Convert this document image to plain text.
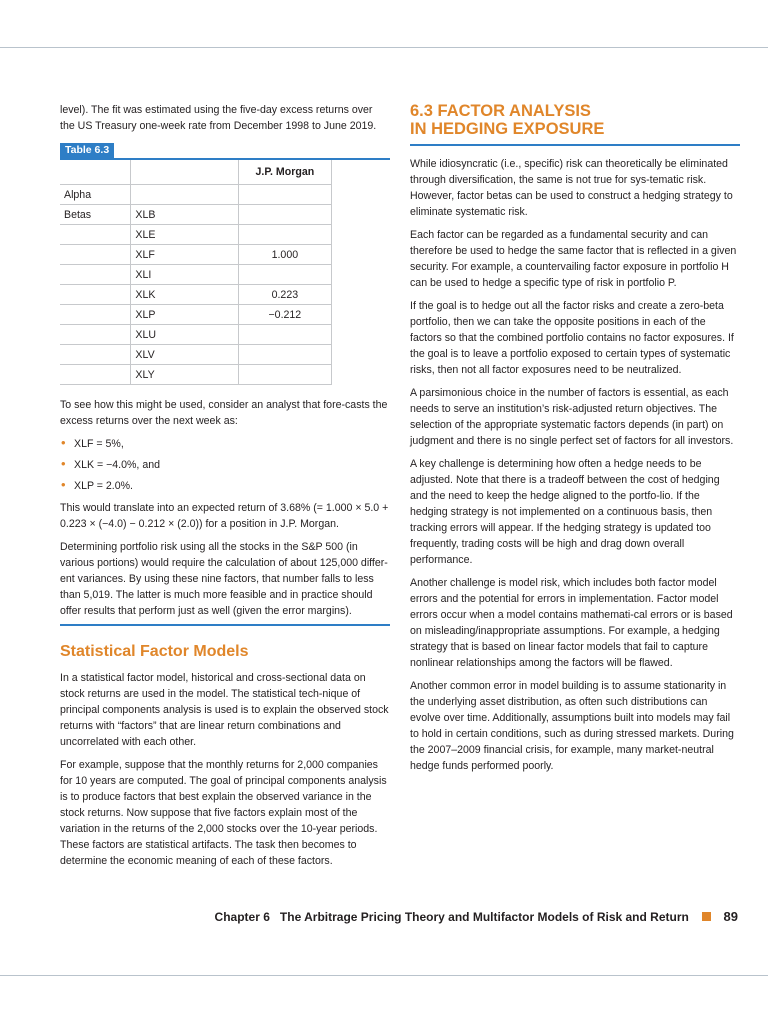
level). The fit was estimated using the five-day excess returns over the US Treasury one-week rate from December 1998 to June 2019.

Table 6.3
		J.P. Morgan
Alpha		
Betas	XLB	
	XLE	
	XLF	1.000
	XLI	
	XLK	0.223
	XLP	−0.212
	XLU	
	XLV	
	XLY	

To see how this might be used, consider an analyst that fore-casts the excess returns over the next week as:

• XLF = 5%,
• XLK = −4.0%, and
• XLP = 2.0%.

This would translate into an expected return of 3.68% (= 1.000 × 5.0 + 0.223 × (−4.0) − 0.212 × (2.0)) for a position in J.P. Morgan.

Determining portfolio risk using all the stocks in the S&P 500 (in various portions) would require the calculation of about 125,000 differ-ent variances. By using these nine factors, that number falls to less than 5,019. The latter is much more feasible and in practice should offer results that perform just as well (given the error margins).

Statistical Factor Models

In a statistical factor model, historical and cross-sectional data on stock returns are used in the model. The statistical tech-nique of principal components analysis is used is to explain the observed stock returns with “factors” that are linear return combinations and uncorrelated with each other.

For example, suppose that the monthly returns for 2,000 companies for 10 years are computed. The goal of principal components analysis is to produce factors that best explain the observed variance in the stock returns. Now suppose that five factors explain most of the variation in the returns of the 2,000 stocks over the 10-year periods. These factors are statistical artifacts. The task then becomes to determine the economic meaning of each of these factors.

6.3 FACTOR ANALYSIS
IN HEDGING EXPOSURE

While idiosyncratic (i.e., specific) risk can theoretically be eliminated through diversification, the same is not true for sys-tematic risk. However, factor betas can be used to construct a hedging strategy to eliminate systematic risk.

Each factor can be regarded as a fundamental security and can therefore be used to hedge the same factor that is reflected in a given security. For example, a countervailing factor exposure in portfolio H can be used to hedge a specific type of risk in portfolio P.

If the goal is to hedge out all the factor risks and create a zero-beta portfolio, then we can take the opposite positions in each of the factors so that the combined portfolio contains no factor exposures. If the goal is to leave a portfolio exposed to certain types of systematic risks, then not all factor exposures need to be neutralized.

A parsimonious choice in the number of factors is essential, as each needs to serve an institution’s risk-adjusted return objectives. The selection of the appropriate systematic factors depends (in part) on judgment and there is no single perfect set of factors for all investors.

A key challenge is determining how often a hedge needs to be adjusted. Note that there is a tradeoff between the cost of hedging and the need to keep the hedge aligned to the portfo-lio. If the hedging strategy is not implemented on a continuous basis, then tracking errors will appear. If the hedging strategy is updated too frequently, trading costs will be high and drag down overall performance.

Another challenge is model risk, which includes both factor model errors and the potential for errors in implementation. Factor model errors occur when a model contains mathemati-cal errors or is based on misleading/inappropriate assumptions. For example, a hedging strategy that is based on linear factor models that fail to capture nonlinear relationships among the factors will be flawed.

Another common error in model building is to assume stationarity in the underlying asset distribution, as often such distributions can evolve over time. Additionally, assumptions built into models may fail to hold in certain conditions, such as during stressed markets. During the 2007–2009 financial crisis, for example, many market-neutral hedge funds performed poorly.

Chapter 6 The Arbitrage Pricing Theory and Multifactor Models of Risk and Return	89
